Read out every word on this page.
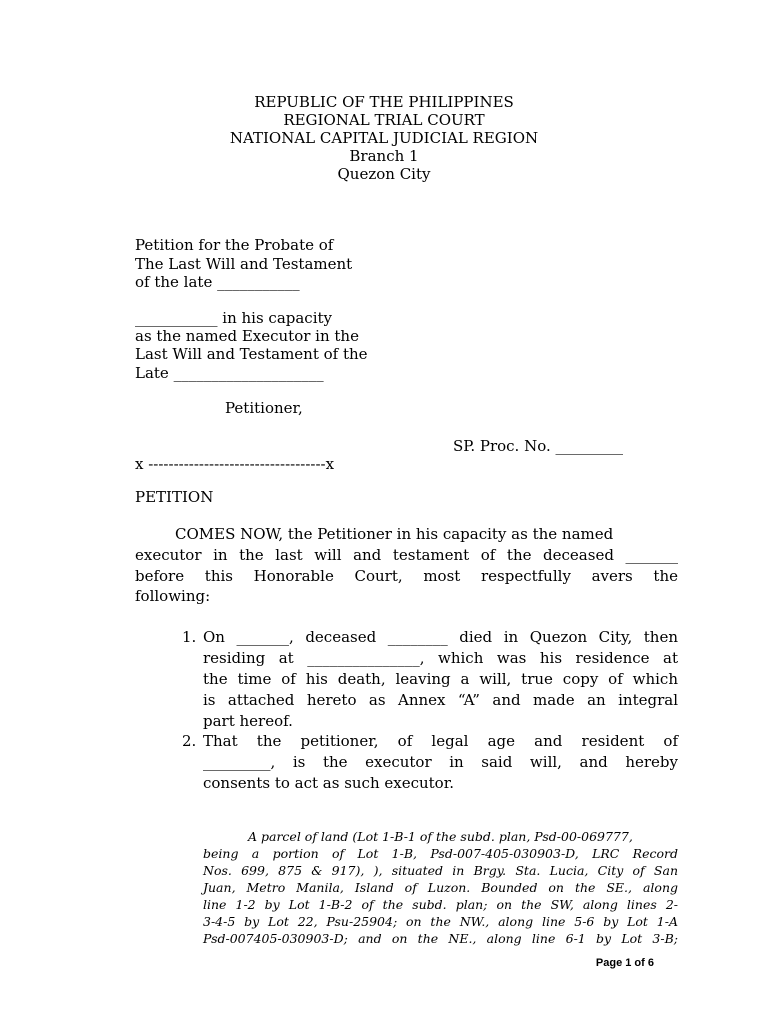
REPUBLIC OF THE PHILIPPINES
REGIONAL TRIAL COURT
NATIONAL CAPITAL JUDICIAL REGION
Branch 1
Quezon City
Petition for the Probate of
The Last Will and Testament
of the late ___________
___________ in his capacity
as the named Executor in the
Last Will and Testament of the
Late ____________________
Petitioner,
SP. Proc. No. _________
x -----------------------------------x
PETITION
COMES NOW, the Petitioner in his capacity as the named
executor in the last will and testament of the deceased _______
before this Honorable Court, most respectfully avers the
following:
1. On _______, deceased ________ died in Quezon City, then
residing at _______________, which was his residence at
the time of his death, leaving a will, true copy of which
is attached hereto as Annex “A” and made an integral
part hereof.
2. That the petitioner, of legal age and resident of
_________, is the executor in said will, and hereby
consents to act as such executor.
A parcel of land (Lot 1-B-1 of the subd. plan, Psd-00-069777,
being a portion of Lot 1-B, Psd-007-405-030903-D, LRC Record
Nos. 699, 875 & 917), ), situated in Brgy. Sta. Lucia, City of San
Juan, Metro Manila, Island of Luzon. Bounded on the SE., along
line 1-2 by Lot 1-B-2 of the subd. plan; on the SW, along lines 2-
3-4-5 by Lot 22, Psu-25904; on the NW., along line 5-6 by Lot 1-A
Psd-007405-030903-D; and on the NE., along line 6-1 by Lot 3-B;
Page 1 of 6
